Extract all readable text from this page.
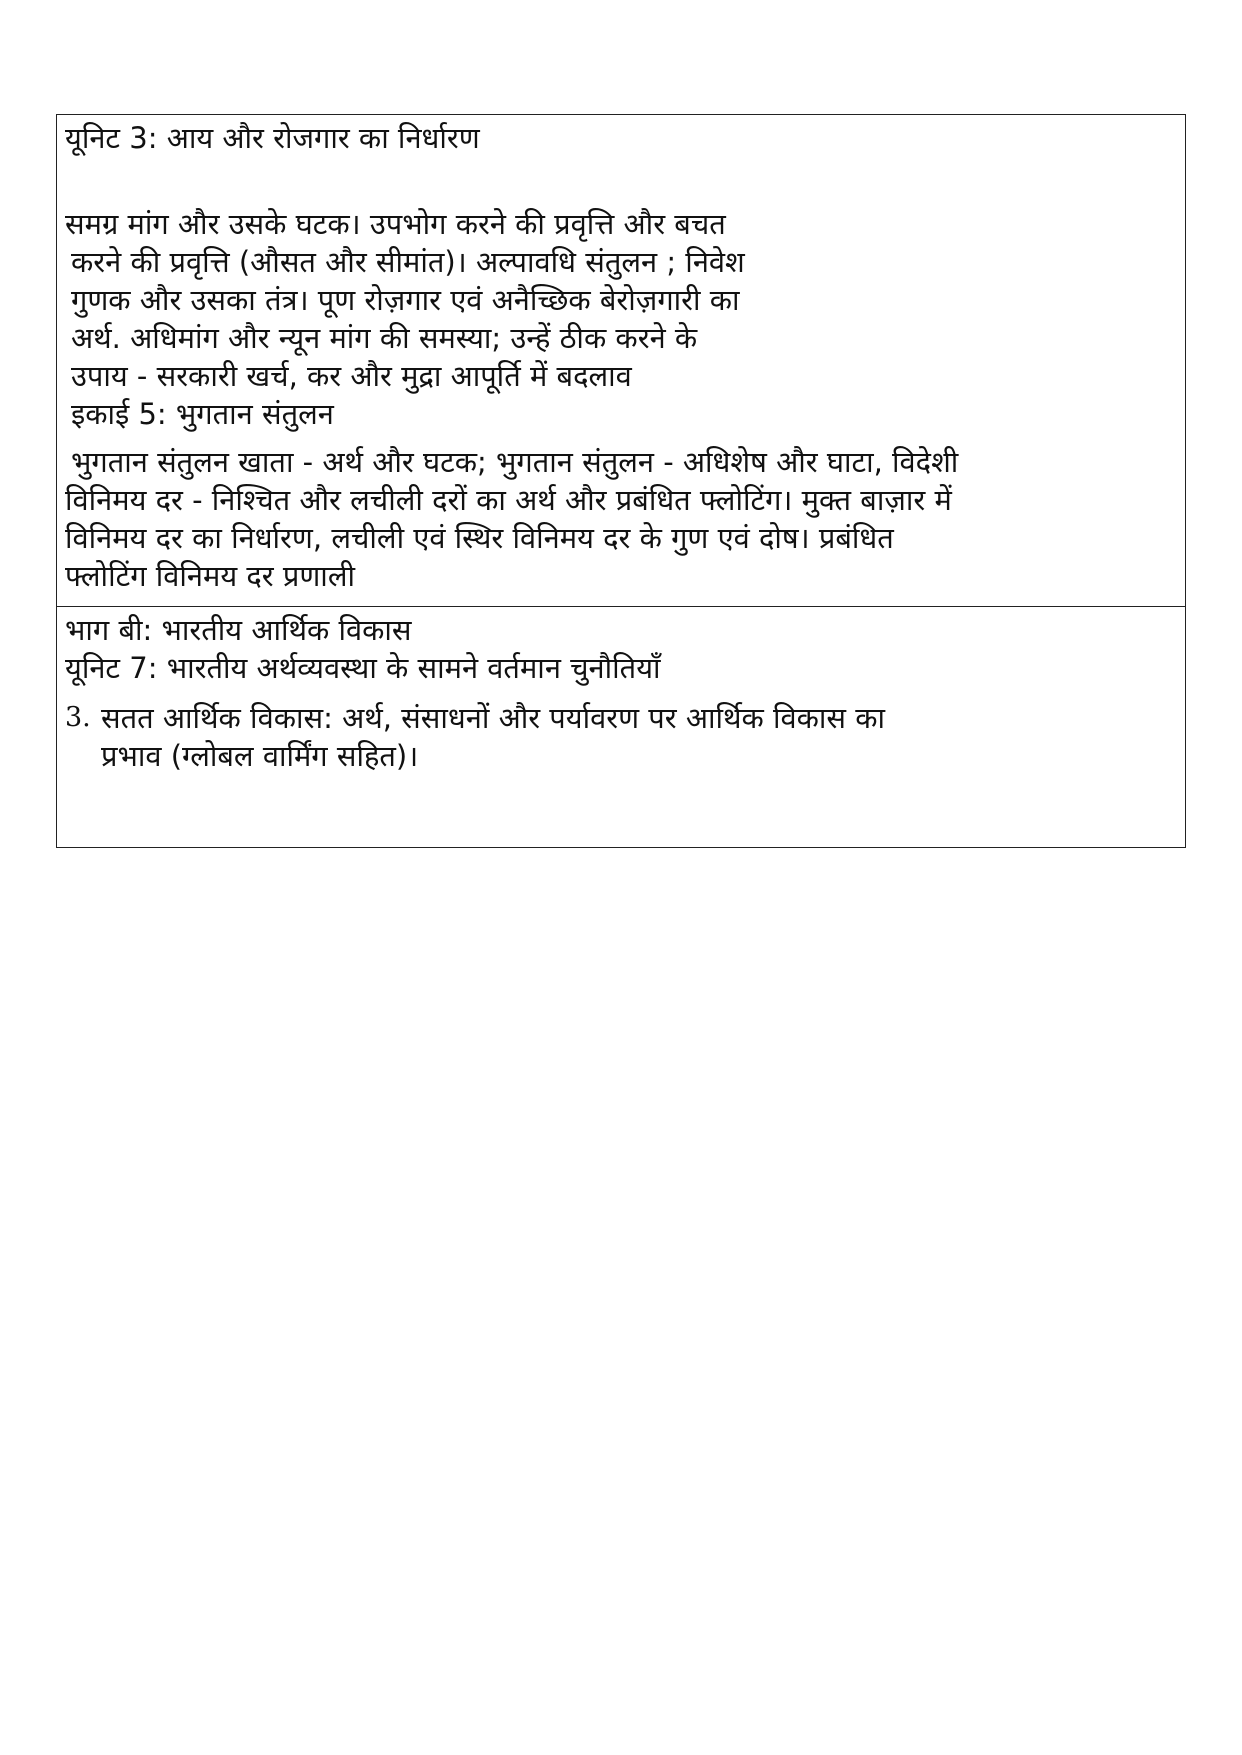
यूनिट 3: आय और रोजगार का निर्धारण
समग्र मांग और उसके घटक। उपभोग करने की प्रवृत्ति और बचत
करने की प्रवृत्ति (औसत और सीमांत)। अल्पावधि संतुलन ; निवेश
गुणक और उसका तंत्र। पूण रोज़गार एवं अनैच्छिक बेरोज़गारी का
अर्थ. अधिमांग और न्यून मांग की समस्या; उन्हें ठीक करने के
उपाय - सरकारी खर्च, कर और मुद्रा आपूर्ति में बदलाव
इकाई 5: भुगतान संतुलन
भुगतान संतुलन खाता - अर्थ और घटक; भुगतान संतुलन - अधिशेष और घाटा, विदेशी
विनिमय दर - निश्चित और लचीली दरों का अर्थ और प्रबंधित फ्लोटिंग। मुक्त बाज़ार में
विनिमय दर का निर्धारण, लचीली एवं स्थिर विनिमय दर के गुण एवं दोष। प्रबंधित
फ्लोटिंग विनिमय दर प्रणाली
भाग बी: भारतीय आर्थिक विकास
यूनिट 7: भारतीय अर्थव्यवस्था के सामने वर्तमान चुनौतियाँ
3. सतत आर्थिक विकास: अर्थ, संसाधनों और पर्यावरण पर आर्थिक विकास का
प्रभाव (ग्लोबल वार्मिंग सहित)।
